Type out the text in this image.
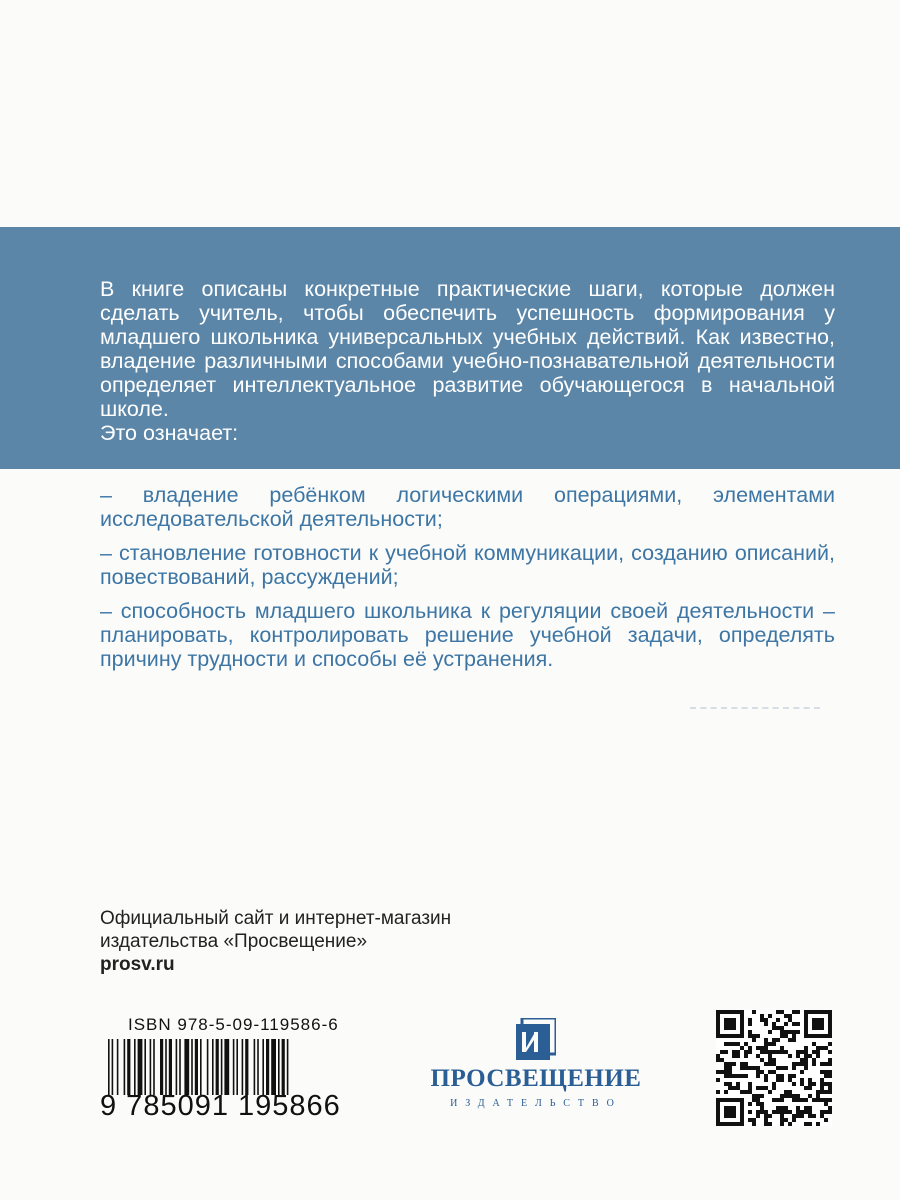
В книге описаны конкретные практические шаги, которые должен сделать учитель, чтобы обеспечить успешность формирования у младшего школьника универсальных учебных действий. Как известно, владение различными способами учебно-познавательной деятельности определяет интеллектуальное развитие обучающегося в начальной школе.
Это означает:
– владение ребёнком логическими операциями, элементами исследовательской деятельности;
– становление готовности к учебной коммуникации, созданию описаний, повествований, рассуждений;
– способность младшего школьника к регуляции своей деятельности – планировать, контролировать решение учебной задачи, определять причину трудности и способы её устранения.
Официальный сайт и интернет-магазин
издательства «Просвещение»
prosv.ru
ISBN 978-5-09-119586-6
9 785091 195866
ПРОСВЕЩЕНИЕ
ИЗДАТЕЛЬСТВО
